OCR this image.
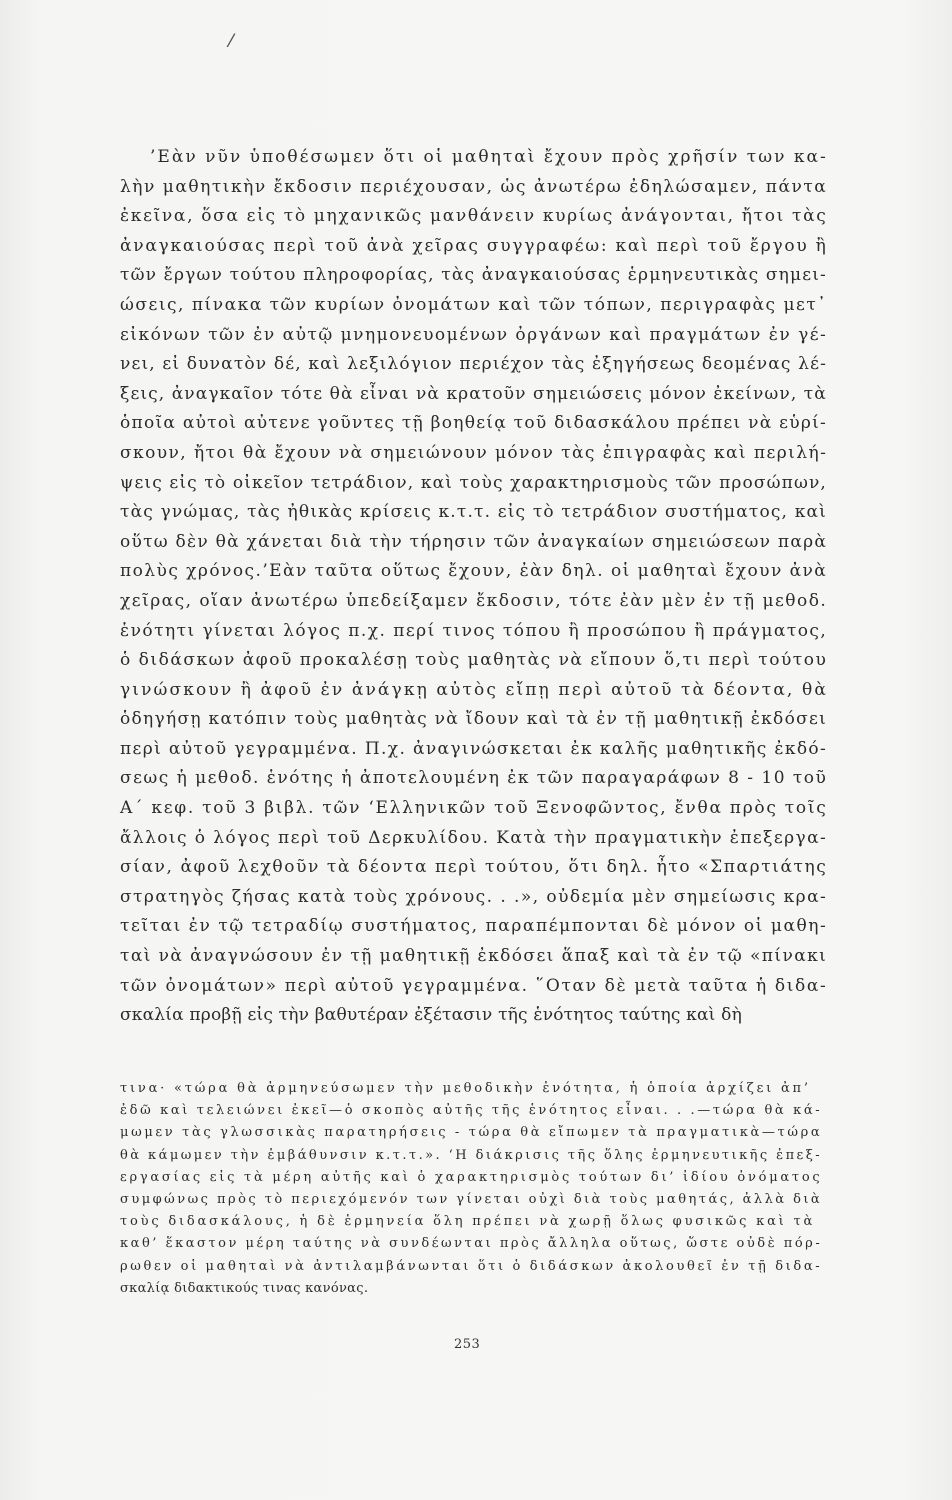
/
’Εὰν νῦν ὑποθέσωμεν ὅτι οἱ μαθηταὶ ἔχουν πρὸς χρῆσίν των κα-
λὴν μαθητικὴν ἔκδοσιν περιέχουσαν, ὡς ἀνωτέρω ἐδηλώσαμεν, πάντα
ἐκεῖνα, ὅσα εἰς τὸ μηχανικῶς μανθάνειν κυρίως ἀνάγονται, ἤτοι τὰς
ἀναγκαιούσας περὶ τοῦ ἀνὰ χεῖρας συγγραφέω: καὶ περὶ τοῦ ἔργου ἢ
τῶν ἔργων τούτου πληροφορίας, τὰς ἀναγκαιούσας ἑρμηνευτικὰς σημει-
ώσεις, πίνακα τῶν κυρίων ὀνομάτων καὶ τῶν τόπων, περιγραφὰς μετ᾽
εἰκόνων τῶν ἐν αὐτῷ μνημονευομένων ὀργάνων καὶ πραγμάτων ἐν γέ-
νει, εἰ δυνατὸν δέ, καὶ λεξιλόγιον περιέχον τὰς ἐξηγήσεως δεομένας λέ-
ξεις, ἀναγκαῖον τότε θὰ εἶναι νὰ κρατοῦν σημειώσεις μόνον ἐκείνων, τὰ
ὁποῖα αὐτοὶ αὐτενε γοῦντες τῇ βοηθείᾳ τοῦ διδασκάλου πρέπει νὰ εὑρί-
σκουν, ἤτοι θὰ ἔχουν νὰ σημειώνουν μόνον τὰς ἐπιγραφὰς καὶ περιλή-
ψεις εἰς τὸ οἰκεῖον τετράδιον, καὶ τοὺς χαρακτηρισμοὺς τῶν προσώπων,
τὰς γνώμας, τὰς ἠθικὰς κρίσεις κ.τ.τ. εἰς τὸ τετράδιον συστήματος, καὶ
οὕτω δὲν θὰ χάνεται διὰ τὴν τήρησιν τῶν ἀναγκαίων σημειώσεων παρὰ
πολὺς χρόνος.’Εὰν ταῦτα οὕτως ἔχουν, ἐὰν δηλ. οἱ μαθηταὶ ἔχουν ἀνὰ
χεῖρας, οἵαν ἀνωτέρω ὑπεδείξαμεν ἔκδοσιν, τότε ἐὰν μὲν ἐν τῇ μεθοδ.
ἑνότητι γίνεται λόγος π.χ. περί τινος τόπου ἢ προσώπου ἢ πράγματος,
ὁ διδάσκων ἀφοῦ προκαλέσῃ τοὺς μαθητὰς νὰ εἴπουν ὅ,τι περὶ τούτου
γινώσκουν ἢ ἀφοῦ ἐν ἀνάγκῃ αὐτὸς εἴπῃ περὶ αὐτοῦ τὰ δέοντα, θὰ
ὁδηγήσῃ κατόπιν τοὺς μαθητὰς νὰ ἴδουν καὶ τὰ ἐν τῇ μαθητικῇ ἐκδόσει
περὶ αὐτοῦ γεγραμμένα. Π.χ. ἀναγινώσκεται ἐκ καλῆς μαθητικῆς ἐκδό-
σεως ἡ μεθοδ. ἑνότης ἡ ἀποτελουμένη ἐκ τῶν παραγαράφων 8 - 10 τοῦ
Α΄ κεφ. τοῦ 3 βιβλ. τῶν ‘Ελληνικῶν τοῦ Ξενοφῶντος, ἔνθα πρὸς τοῖς
ἄλλοις ὁ λόγος περὶ τοῦ Δερκυλίδου. Κατὰ τὴν πραγματικὴν ἐπεξεργα-
σίαν, ἀφοῦ λεχθοῦν τὰ δέοντα περὶ τούτου, ὅτι δηλ. ἦτο «Σπαρτιάτης
στρατηγὸς ζήσας κατὰ τοὺς χρόνους. . .», οὐδεμία μὲν σημείωσις κρα-
τεῖται ἐν τῷ τετραδίῳ συστήματος, παραπέμπονται δὲ μόνον οἱ μαθη-
ταὶ νὰ ἀναγνώσουν ἐν τῇ μαθητικῇ ἐκδόσει ἅπαξ καὶ τὰ ἐν τῷ «πίνακι
τῶν ὀνομάτων» περὶ αὐτοῦ γεγραμμένα. ῞Οταν δὲ μετὰ ταῦτα ἡ διδα-
σκαλία προβῇ εἰς τὴν βαθυτέραν ἐξέτασιν τῆς ἑνότητος ταύτης καὶ δὴ
τινα· «τώρα θὰ ἀρμηνεύσωμεν τὴν μεθοδικὴν ἑνότητα, ἡ ὁποία ἀρχίζει ἀπ’
ἐδῶ καὶ τελειώνει ἐκεῖ—ὁ σκοπὸς αὐτῆς τῆς ἑνότητος εἶναι. . .—τώρα θὰ κά-
μωμεν τὰς γλωσσικὰς παρατηρήσεις - τώρα θὰ εἴπωμεν τὰ πραγματικὰ—τώρα
θὰ κάμωμεν τὴν ἐμβάθυνσιν κ.τ.τ.». ‘Η διάκρισις τῆς ὅλης ἑρμηνευτικῆς ἐπεξ-
εργασίας εἰς τὰ μέρη αὐτῆς καὶ ὁ χαρακτηρισμὸς τούτων δι’ ἰδίου ὀνόματος
συμφώνως πρὸς τὸ περιεχόμενόν των γίνεται οὐχὶ διὰ τοὺς μαθητάς, ἀλλὰ διὰ
τοὺς διδασκάλους, ἡ δὲ ἑρμηνεία ὅλη πρέπει νὰ χωρῇ ὅλως φυσικῶς καὶ τὰ
καθ’ ἕκαστον μέρη ταύτης νὰ συνδέωνται πρὸς ἄλληλα οὕτως, ὥστε οὐδὲ πόρ-
ρωθεν οἱ μαθηταὶ νὰ ἀντιλαμβάνωνται ὅτι ὁ διδάσκων ἀκολουθεῖ ἐν τῇ διδα-
σκαλίᾳ διδακτικούς τινας κανόνας.
253
